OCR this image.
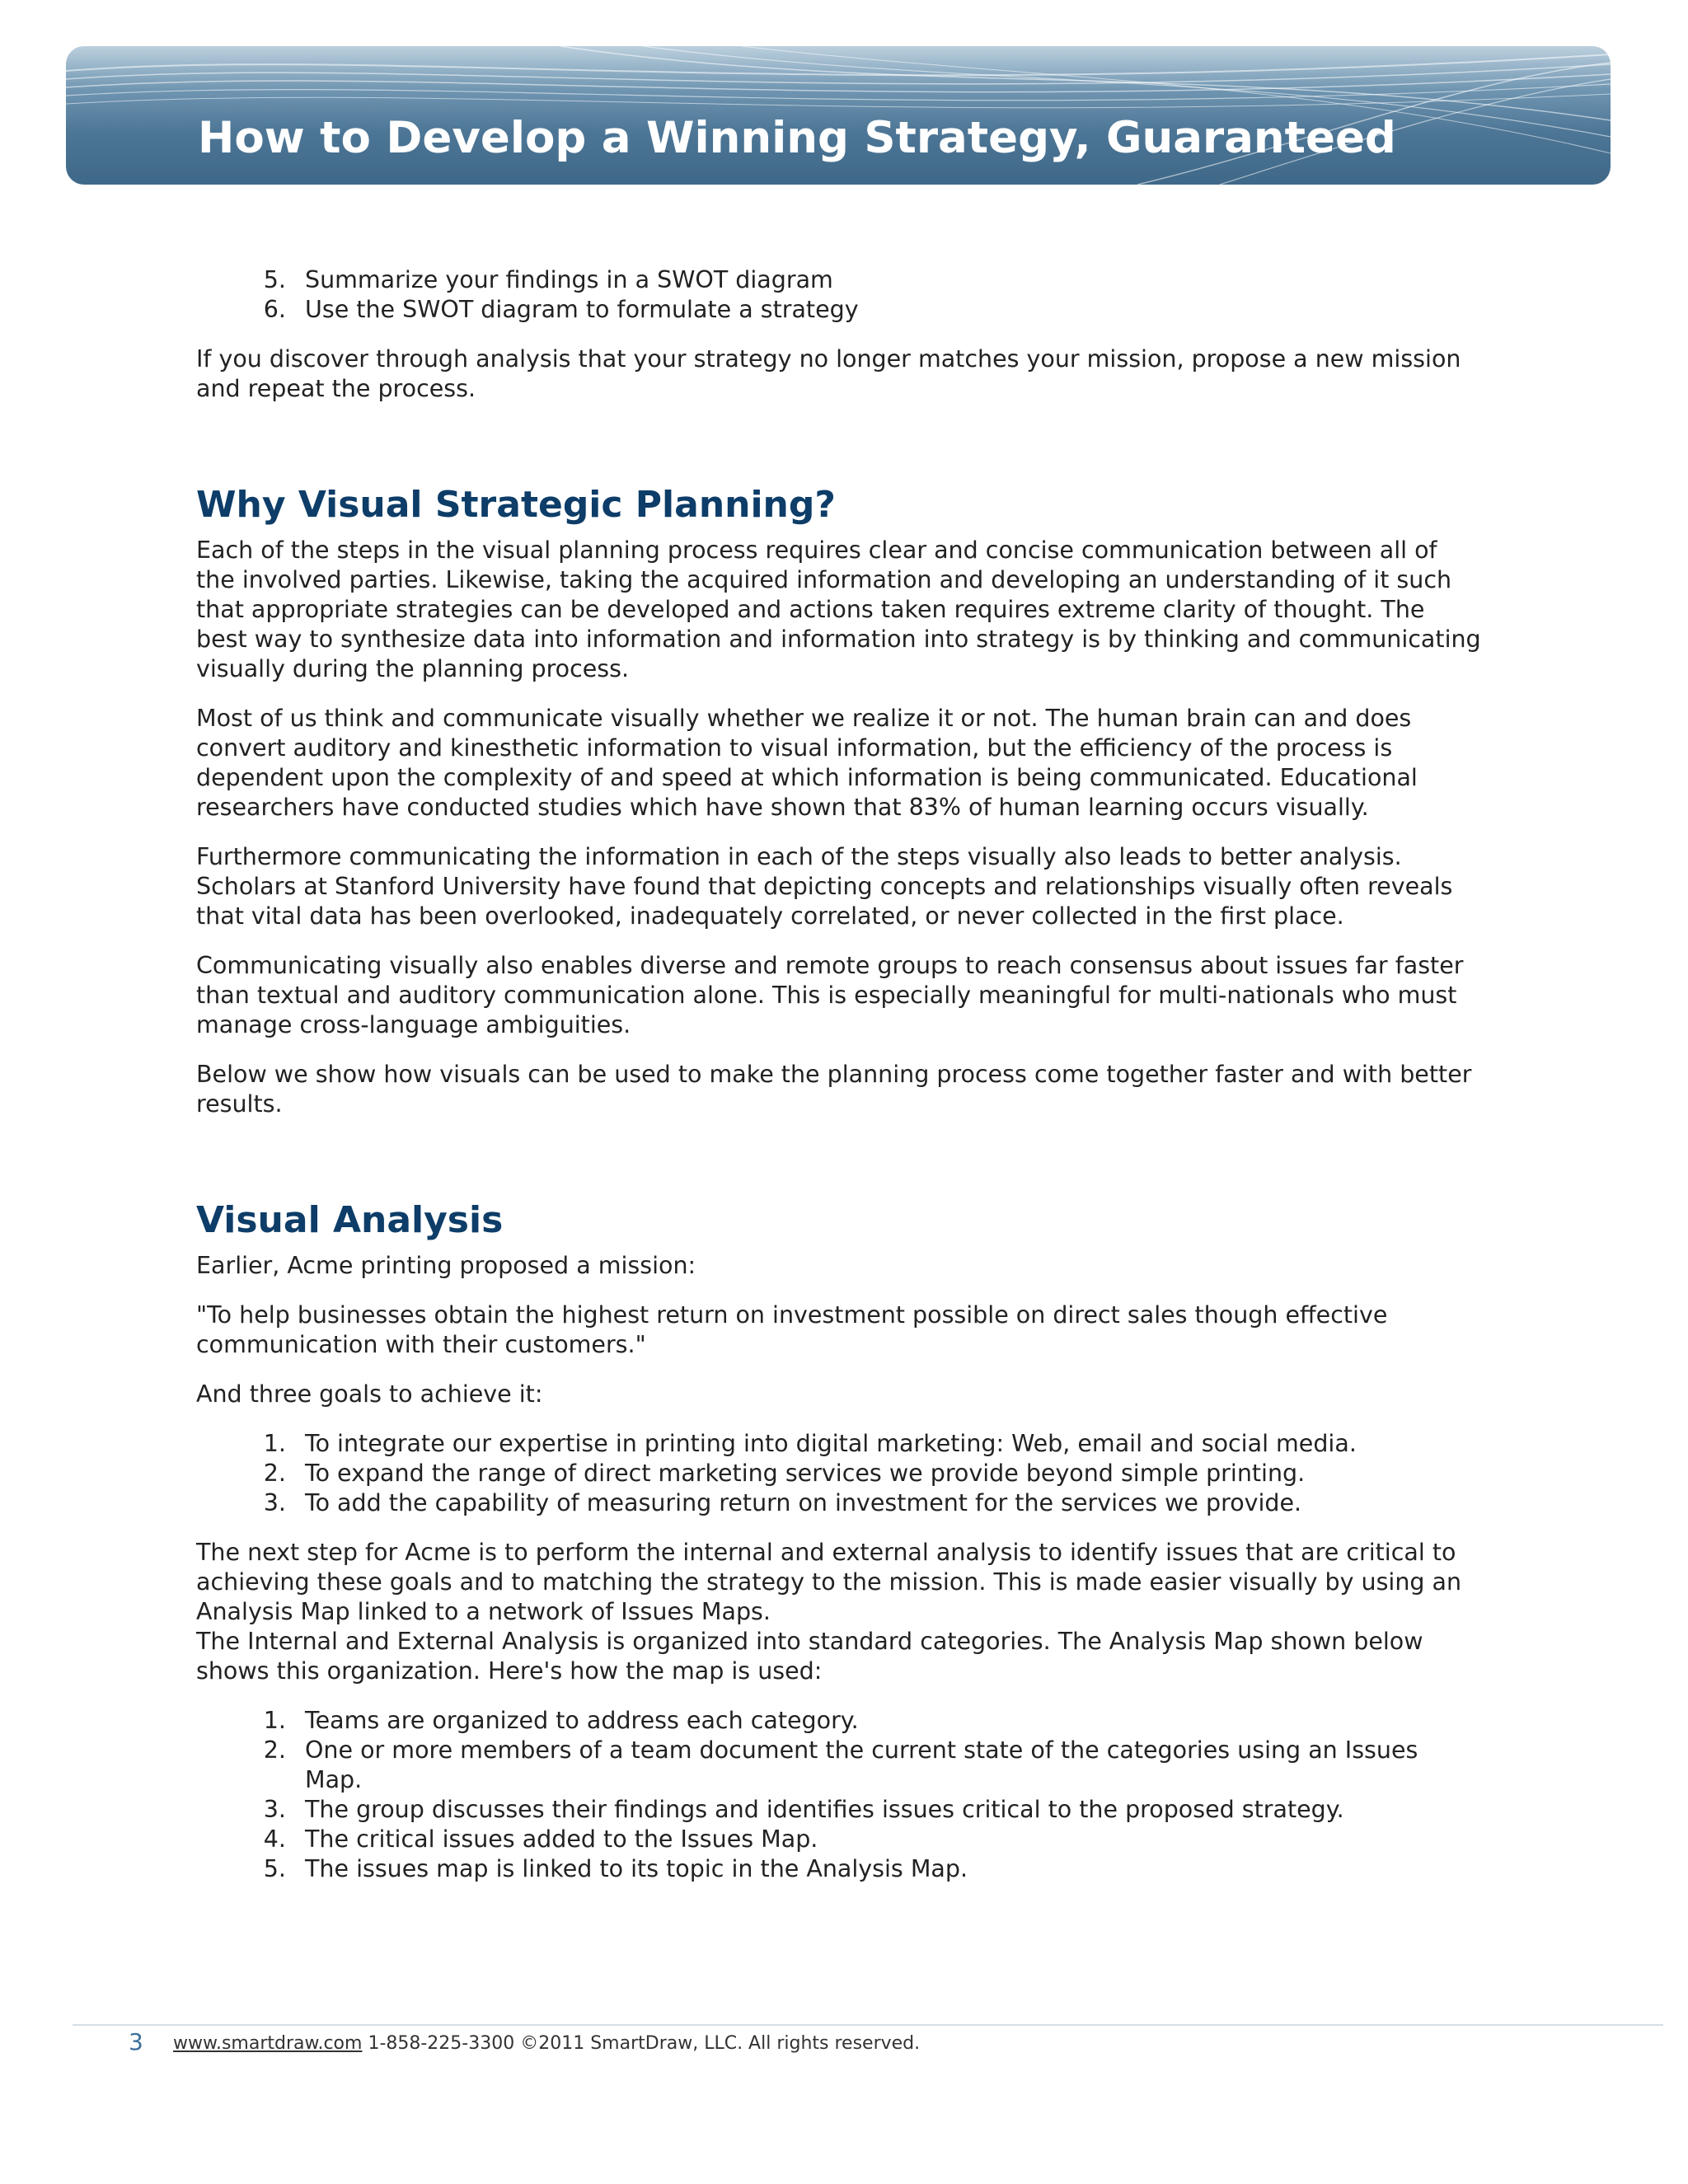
How to Develop a Winning Strategy, Guaranteed
5. Summarize your findings in a SWOT diagram
6. Use the SWOT diagram to formulate a strategy

If you discover through analysis that your strategy no longer matches your mission, propose a new mission and repeat the process.

Why Visual Strategic Planning?

Each of the steps in the visual planning process requires clear and concise communication between all of the involved parties. Likewise, taking the acquired information and developing an understanding of it such that appropriate strategies can be developed and actions taken requires extreme clarity of thought. The best way to synthesize data into information and information into strategy is by thinking and communicating visually during the planning process.

Most of us think and communicate visually whether we realize it or not. The human brain can and does convert auditory and kinesthetic information to visual information, but the efficiency of the process is dependent upon the complexity of and speed at which information is being communicated. Educational researchers have conducted studies which have shown that 83% of human learning occurs visually.

Furthermore communicating the information in each of the steps visually also leads to better analysis. Scholars at Stanford University have found that depicting concepts and relationships visually often reveals that vital data has been overlooked, inadequately correlated, or never collected in the first place.

Communicating visually also enables diverse and remote groups to reach consensus about issues far faster than textual and auditory communication alone. This is especially meaningful for multi-nationals who must manage cross-language ambiguities.

Below we show how visuals can be used to make the planning process come together faster and with better results.

Visual Analysis

Earlier, Acme printing proposed a mission:

"To help businesses obtain the highest return on investment possible on direct sales though effective communication with their customers."

And three goals to achieve it:

1. To integrate our expertise in printing into digital marketing: Web, email and social media.
2. To expand the range of direct marketing services we provide beyond simple printing.
3. To add the capability of measuring return on investment for the services we provide.

The next step for Acme is to perform the internal and external analysis to identify issues that are critical to achieving these goals and to matching the strategy to the mission. This is made easier visually by using an Analysis Map linked to a network of Issues Maps.

The Internal and External Analysis is organized into standard categories. The Analysis Map shown below shows this organization. Here's how the map is used:

1. Teams are organized to address each category.
2. One or more members of a team document the current state of the categories using an Issues Map.
3. The group discusses their findings and identifies issues critical to the proposed strategy.
4. The critical issues added to the Issues Map.
5. The issues map is linked to its topic in the Analysis Map.
3 www.smartdraw.com 1-858-225-3300 ©2011 SmartDraw, LLC. All rights reserved.
